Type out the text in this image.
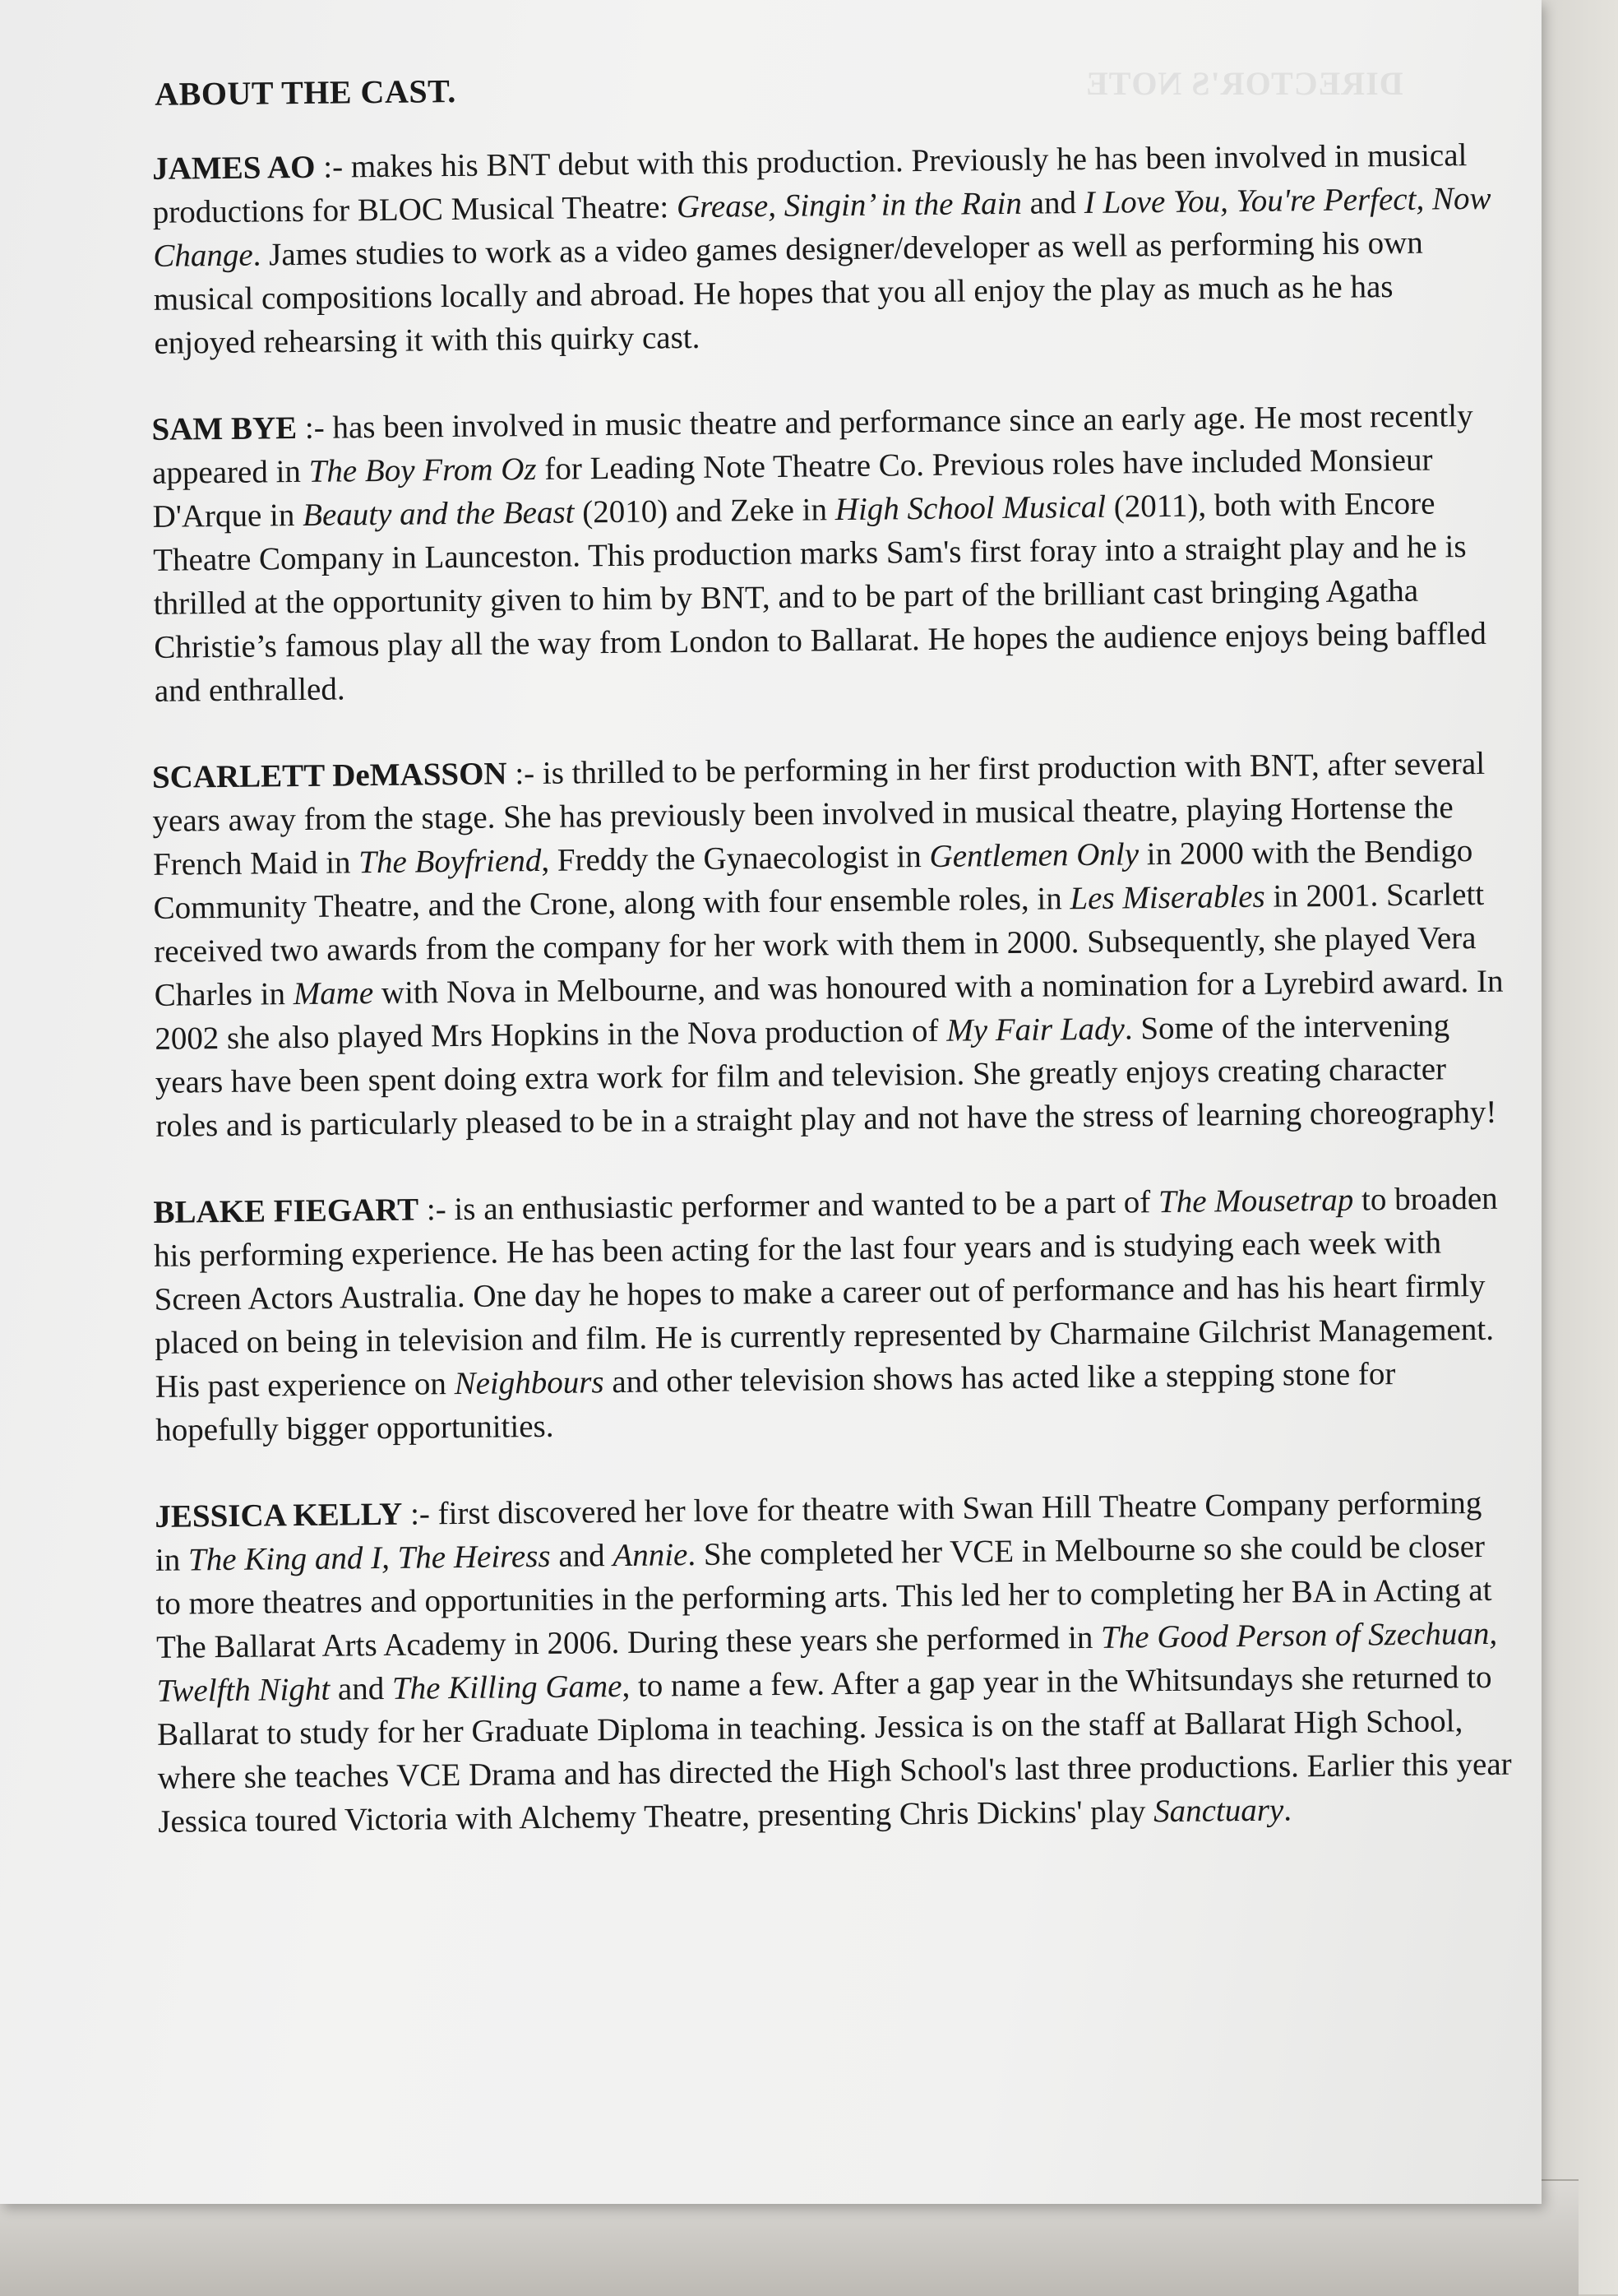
DIRECTOR'S NOTE
ABOUT THE CAST.

JAMES AO :- makes his BNT debut with this production. Previously he has been involved in musical productions for BLOC Musical Theatre: Grease, Singin’ in the Rain and I Love You, You're Perfect, Now Change. James studies to work as a video games designer/developer as well as performing his own musical compositions locally and abroad. He hopes that you all enjoy the play as much as he has enjoyed rehearsing it with this quirky cast.

SAM BYE :- has been involved in music theatre and performance since an early age. He most recently appeared in The Boy From Oz for Leading Note Theatre Co. Previous roles have included Monsieur D'Arque in Beauty and the Beast (2010) and Zeke in High School Musical (2011), both with Encore Theatre Company in Launceston. This production marks Sam's first foray into a straight play and he is thrilled at the opportunity given to him by BNT, and to be part of the brilliant cast bringing Agatha Christie’s famous play all the way from London to Ballarat. He hopes the audience enjoys being baffled and enthralled.

SCARLETT DeMASSON :- is thrilled to be performing in her first production with BNT, after several years away from the stage. She has previously been involved in musical theatre, playing Hortense the French Maid in The Boyfriend, Freddy the Gynaecologist in Gentlemen Only in 2000 with the Bendigo Community Theatre, and the Crone, along with four ensemble roles, in Les Miserables in 2001. Scarlett received two awards from the company for her work with them in 2000. Subsequently, she played Vera Charles in Mame with Nova in Melbourne, and was honoured with a nomination for a Lyrebird award. In 2002 she also played Mrs Hopkins in the Nova production of My Fair Lady. Some of the intervening years have been spent doing extra work for film and television. She greatly enjoys creating character roles and is particularly pleased to be in a straight play and not have the stress of learning choreography!

BLAKE FIEGART :- is an enthusiastic performer and wanted to be a part of The Mousetrap to broaden his performing experience. He has been acting for the last four years and is studying each week with Screen Actors Australia. One day he hopes to make a career out of performance and has his heart firmly placed on being in television and film. He is currently represented by Charmaine Gilchrist Management. His past experience on Neighbours and other television shows has acted like a stepping stone for hopefully bigger opportunities.

JESSICA KELLY :- first discovered her love for theatre with Swan Hill Theatre Company performing in The King and I, The Heiress and Annie. She completed her VCE in Melbourne so she could be closer to more theatres and opportunities in the performing arts. This led her to completing her BA in Acting at The Ballarat Arts Academy in 2006. During these years she performed in The Good Person of Szechuan, Twelfth Night and The Killing Game, to name a few. After a gap year in the Whitsundays she returned to Ballarat to study for her Graduate Diploma in teaching. Jessica is on the staff at Ballarat High School, where she teaches VCE Drama and has directed the High School's last three productions. Earlier this year Jessica toured Victoria with Alchemy Theatre, presenting Chris Dickins' play Sanctuary.
